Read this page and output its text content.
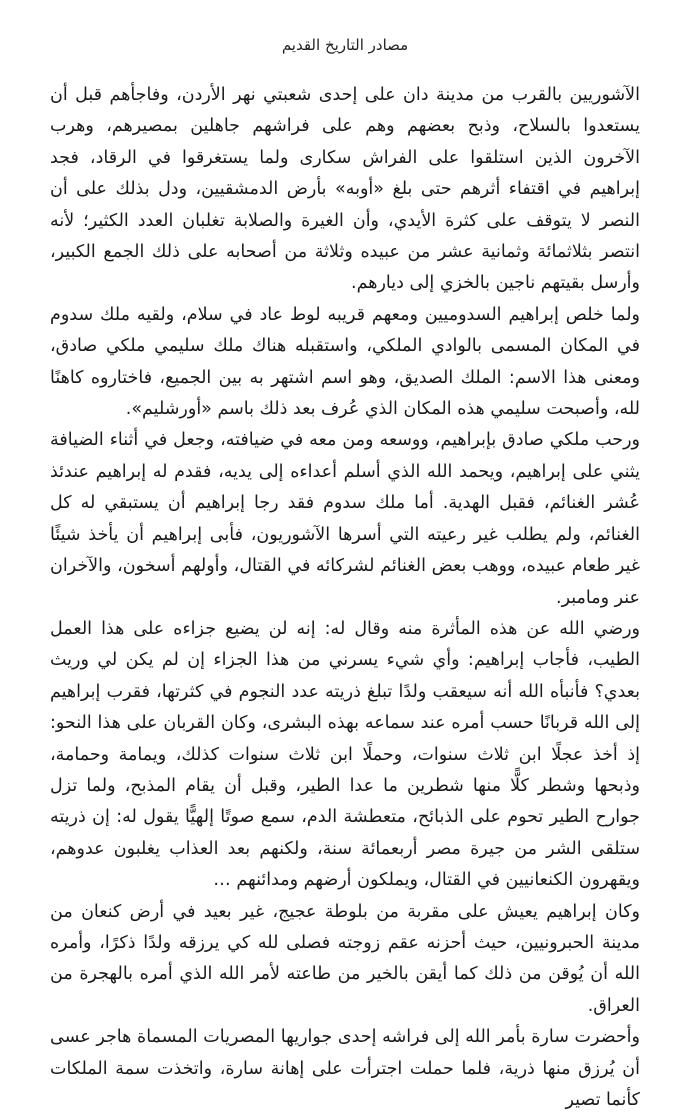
مصادر التاريخ القديم

الآشوريين بالقرب من مدينة دان على إحدى شعبتي نهر الأردن، وفاجأهم قبل أن يستعدوا بالسلاح، وذبح بعضهم وهم على فراشهم جاهلين بمصيرهم، وهرب الآخرون الذين استلقوا على الفراش سكارى ولما يستغرقوا في الرقاد، فجد إبراهيم في اقتفاء أثرهم حتى بلغ «أوبه» بأرض الدمشقيين، ودل بذلك على أن النصر لا يتوقف على كثرة الأيدي، وأن الغيرة والصلابة تغلبان العدد الكثير؛ لأنه انتصر بثلاثمائة وثمانية عشر من عبيده وثلاثة من أصحابه على ذلك الجمع الكبير، وأرسل بقيتهم ناجين بالخزي إلى ديارهم.

ولما خلص إبراهيم السدوميين ومعهم قريبه لوط عاد في سلام، ولقيه ملك سدوم في المكان المسمى بالوادي الملكي، واستقبله هناك ملك سليمي ملكي صادق، ومعنى هذا الاسم: الملك الصديق، وهو اسم اشتهر به بين الجميع، فاختاروه كاهنًا لله، وأصبحت سليمي هذه المكان الذي عُرف بعد ذلك باسم «أورشليم».

ورحب ملكي صادق بإبراهيم، ووسعه ومن معه في ضيافته، وجعل في أثناء الضيافة يثني على إبراهيم، ويحمد الله الذي أسلم أعداءه إلى يديه، فقدم له إبراهيم عندئذ عُشر الغنائم، فقبل الهدية. أما ملك سدوم فقد رجا إبراهيم أن يستبقي له كل الغنائم، ولم يطلب غير رعيته التي أسرها الآشوريون، فأبى إبراهيم أن يأخذ شيئًا غير طعام عبيده، ووهب بعض الغنائم لشركائه في القتال، وأولهم أسخون، والآخران عنر ومامبر.

ورضي الله عن هذه المأثرة منه وقال له: إنه لن يضيع جزاءه على هذا العمل الطيب، فأجاب إبراهيم: وأي شيء يسرني من هذا الجزاء إن لم يكن لي وريث بعدي؟ فأنبأه الله أنه سيعقب ولدًا تبلغ ذريته عدد النجوم في كثرتها، فقرب إبراهيم إلى الله قربانًا حسب أمره عند سماعه بهذه البشرى، وكان القربان على هذا النحو: إذ أخذ عجلًا ابن ثلاث سنوات، وحملًا ابن ثلاث سنوات كذلك، ويمامة وحمامة، وذبحها وشطر كلًّا منها شطرين ما عدا الطير، وقبل أن يقام المذبح، ولما تزل جوارح الطير تحوم على الذبائح، متعطشة الدم، سمع صوتًا إلهيًّا يقول له: إن ذريته ستلقى الشر من جيرة مصر أربعمائة سنة، ولكنهم بعد العذاب يغلبون عدوهم، ويقهرون الكنعانيين في القتال، ويملكون أرضهم ومدائنهم …

وكان إبراهيم يعيش على مقربة من بلوطة عجيج، غير بعيد في أرض كنعان من مدينة الحبرونيين، حيث أحزنه عقم زوجته فصلى لله كي يرزقه ولدًا ذكرًا، وأمره الله أن يُوقن من ذلك كما أيقن بالخير من طاعته لأمر الله الذي أمره بالهجرة من العراق.

وأحضرت سارة بأمر الله إلى فراشه إحدى جواريها المصريات المسماة هاجر عسى أن يُرزق منها ذرية، فلما حملت اجترأت على إهانة سارة، واتخذت سمة الملكات كأنما تصير
